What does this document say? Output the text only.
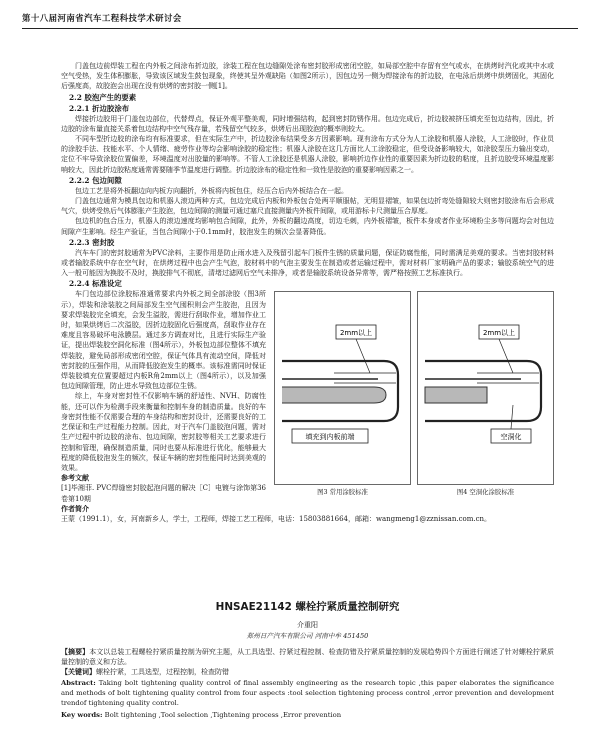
第十八届河南省汽车工程科技学术研讨会

门盖包边前焊装工程在内外板之间涂布折边胶，涂装工程在包边缝隙处涂布密封胶形成密闭空腔，如局部空腔中存留有空气或水，在烘烤时汽化或其中水或空气受热，发生体积膨胀，导致该区域发生鼓包现象，终使其呈外观缺陷（如图2所示），因包边另一侧为焊接涂布的折边胶，在电泳后烘烤中烘烤固化，其固化后强度高，故胶泡会出现在没有烘烤的密封胶一侧[1]。

2.2 胶泡产生的要素
2.2.1 折边胶涂布

焊接折边胶用于门盖包边部位，代替焊点，保证外观平整美观，同时增强结构，起到密封防锈作用。包边完成后，折边胶被挤压填充至包边结构，因此，折边胶的涂布量直接关系着包边结构中空气残存量，若残留空气较多，烘烤后出现胶泡的概率则较大。

不同车型折边胶的涂布均有标准要求，但在实际生产中，折边胶涂布结果受多方因素影响。现有涂布方式分为人工涂胶和机器人涂胶，人工涂胶时，作业员的涂胶手法、技能水平、个人情绪、疲劳作业等均会影响涂胶的稳定性；机器人涂胶在这几方面比人工涂胶稳定，但受设备影响较大，如涂胶泵压力输出变动，定位不牢导致涂胶位置偏差，环境温度对出胶量的影响等。不管人工涂胶还是机器人涂胶，影响折边作业性的重要因素为折边胶的粘度，且折边胶受环境温度影响较大，因此折边胶粘度通常需要随季节温度进行调整。折边胶涂布的稳定性和一致性是胶泡的重要影响因素之一。

2.2.2 包边间隙

包边工艺是将外板翻边向内板方向翻折，外板将内板包住，经压合后内外板结合在一起。

门盖包边通常为模具包边和机器人滚边两种方式，包边完成后内板和外板包合处两平顺服帖，无明显褶皱，如果包边折弯处缝隙较大则密封胶涂布后会形成气穴，烘烤受热后气体膨胀产生胶泡，包边间隙的测量可通过塞尺直接测量内外板件间隙，或用游标卡尺测量压合厚度。

包边机的包合压力，机器人的滚边速度均影响包合间隙，此外，外板的翻边高度，切边毛刺，内外板褶皱，板件本身或者作业环境粉尘多等问题均会对包边间隙产生影响。经生产验证，当包合间隙小于0.1mm时，胶泡发生的频次会显著降低。

2.2.3 密封胶

汽车车门的密封胶通常为PVC涂料，主要作用是防止雨水进入及残留引起车门板件生锈的质量问题，保证防腐性能，同时需满足美观的要求。当密封胶材料或者输胶系统中存在空气时，在烘烤过程中也会产生气泡，胶材料中的气泡主要发生在制造或者运输过程中，需对材料厂家明确产品的要求；输胶系统空气的进入一般可能因为换胶不及时，换胶排气不彻底，清堵过滤网后空气未排净，或者是输胶系统设备异常等，需严格按照工艺标准执行。

2.2.4 标准设定
2mm以上
填充到内板前端
图3 常用涂胶标准
2mm以上
空洞化
图4 空洞化涂胶标准

车门包边部位涂胶标准通常要求内外板之间全部涂胶（图3所示），焊装和涂装胶之间局部发生空气囤积则会产生胶泡，且因为要求焊装胶完全填充，会发生溢胶，需进行刮取作业，增加作业工时，如果烘烤后二次溢胶，因折边胶固化后强度高，刮取作业存在难度且容易破坏电泳膜层。通过多方调查对比，且进行实际生产验证，提出焊装胶空洞化标准（图4所示），外板包边部位整体不填充焊装胶，避免局部形成密闭空腔，保证气体具有流动空间，降低对密封胶的压强作用，从而降低胶泡发生的概率。该标准需同时保证焊装胶填充位置要超过内板R角2mm以上（图4所示），以及加强包边间隙管理，防止进水导致包边部位生锈。

综上，车身对密封性不仅影响车辆的舒适性、NVH、防腐性能，还可以作为检测手段来衡量和控制车身的制造质量。良好的车身密封性能不仅需要合理的车身结构和密封设计，还需要良好的工艺保证和生产过程能力控制。因此，对于汽车门盖胶泡问题，需对生产过程中折边胶的涂布、包边间隙，密封胶等相关工艺要求进行控制和管理，确保制造质量，同时也要从标准进行优化，能够最大程度的降低胶泡发生的频次，保证车辆的密封性能同时达到美观的效果。

参考文献

[1]毕湘菲. PVC焊缝密封胶起泡问题的解决［C］电镀与涂饰第36卷第10期

作者简介

王蒙（1991.1），女，河南新乡人，学士，工程师，焊接工艺工程师，电话：15803881664，邮箱：wangmeng1@zznissan.com.cn。

HNSAE21142 螺栓拧紧质量控制研究
介重阳
郑州日产汽车有限公司 河南中牟 451450

【摘要】本文以总装工程螺栓拧紧质量控制为研究主题，从工具选型、拧紧过程控制、检查防错及拧紧质量控制的发展趋势四个方面进行阐述了针对螺栓拧紧质量控制的意义和方法。

【关键词】螺栓拧紧，工具选型，过程控制，检查防错

Abstract: Taking bolt tightening quality control of final assembly engineering as the research topic ,this paper elaborates the significance and methods of bolt tightening quality control from four aspects :tool selection tightening process control ,error prevention and development trendof tightening quality control.

Key words: Bolt tightening ,Tool selection ,Tightening process ,Error prevention
